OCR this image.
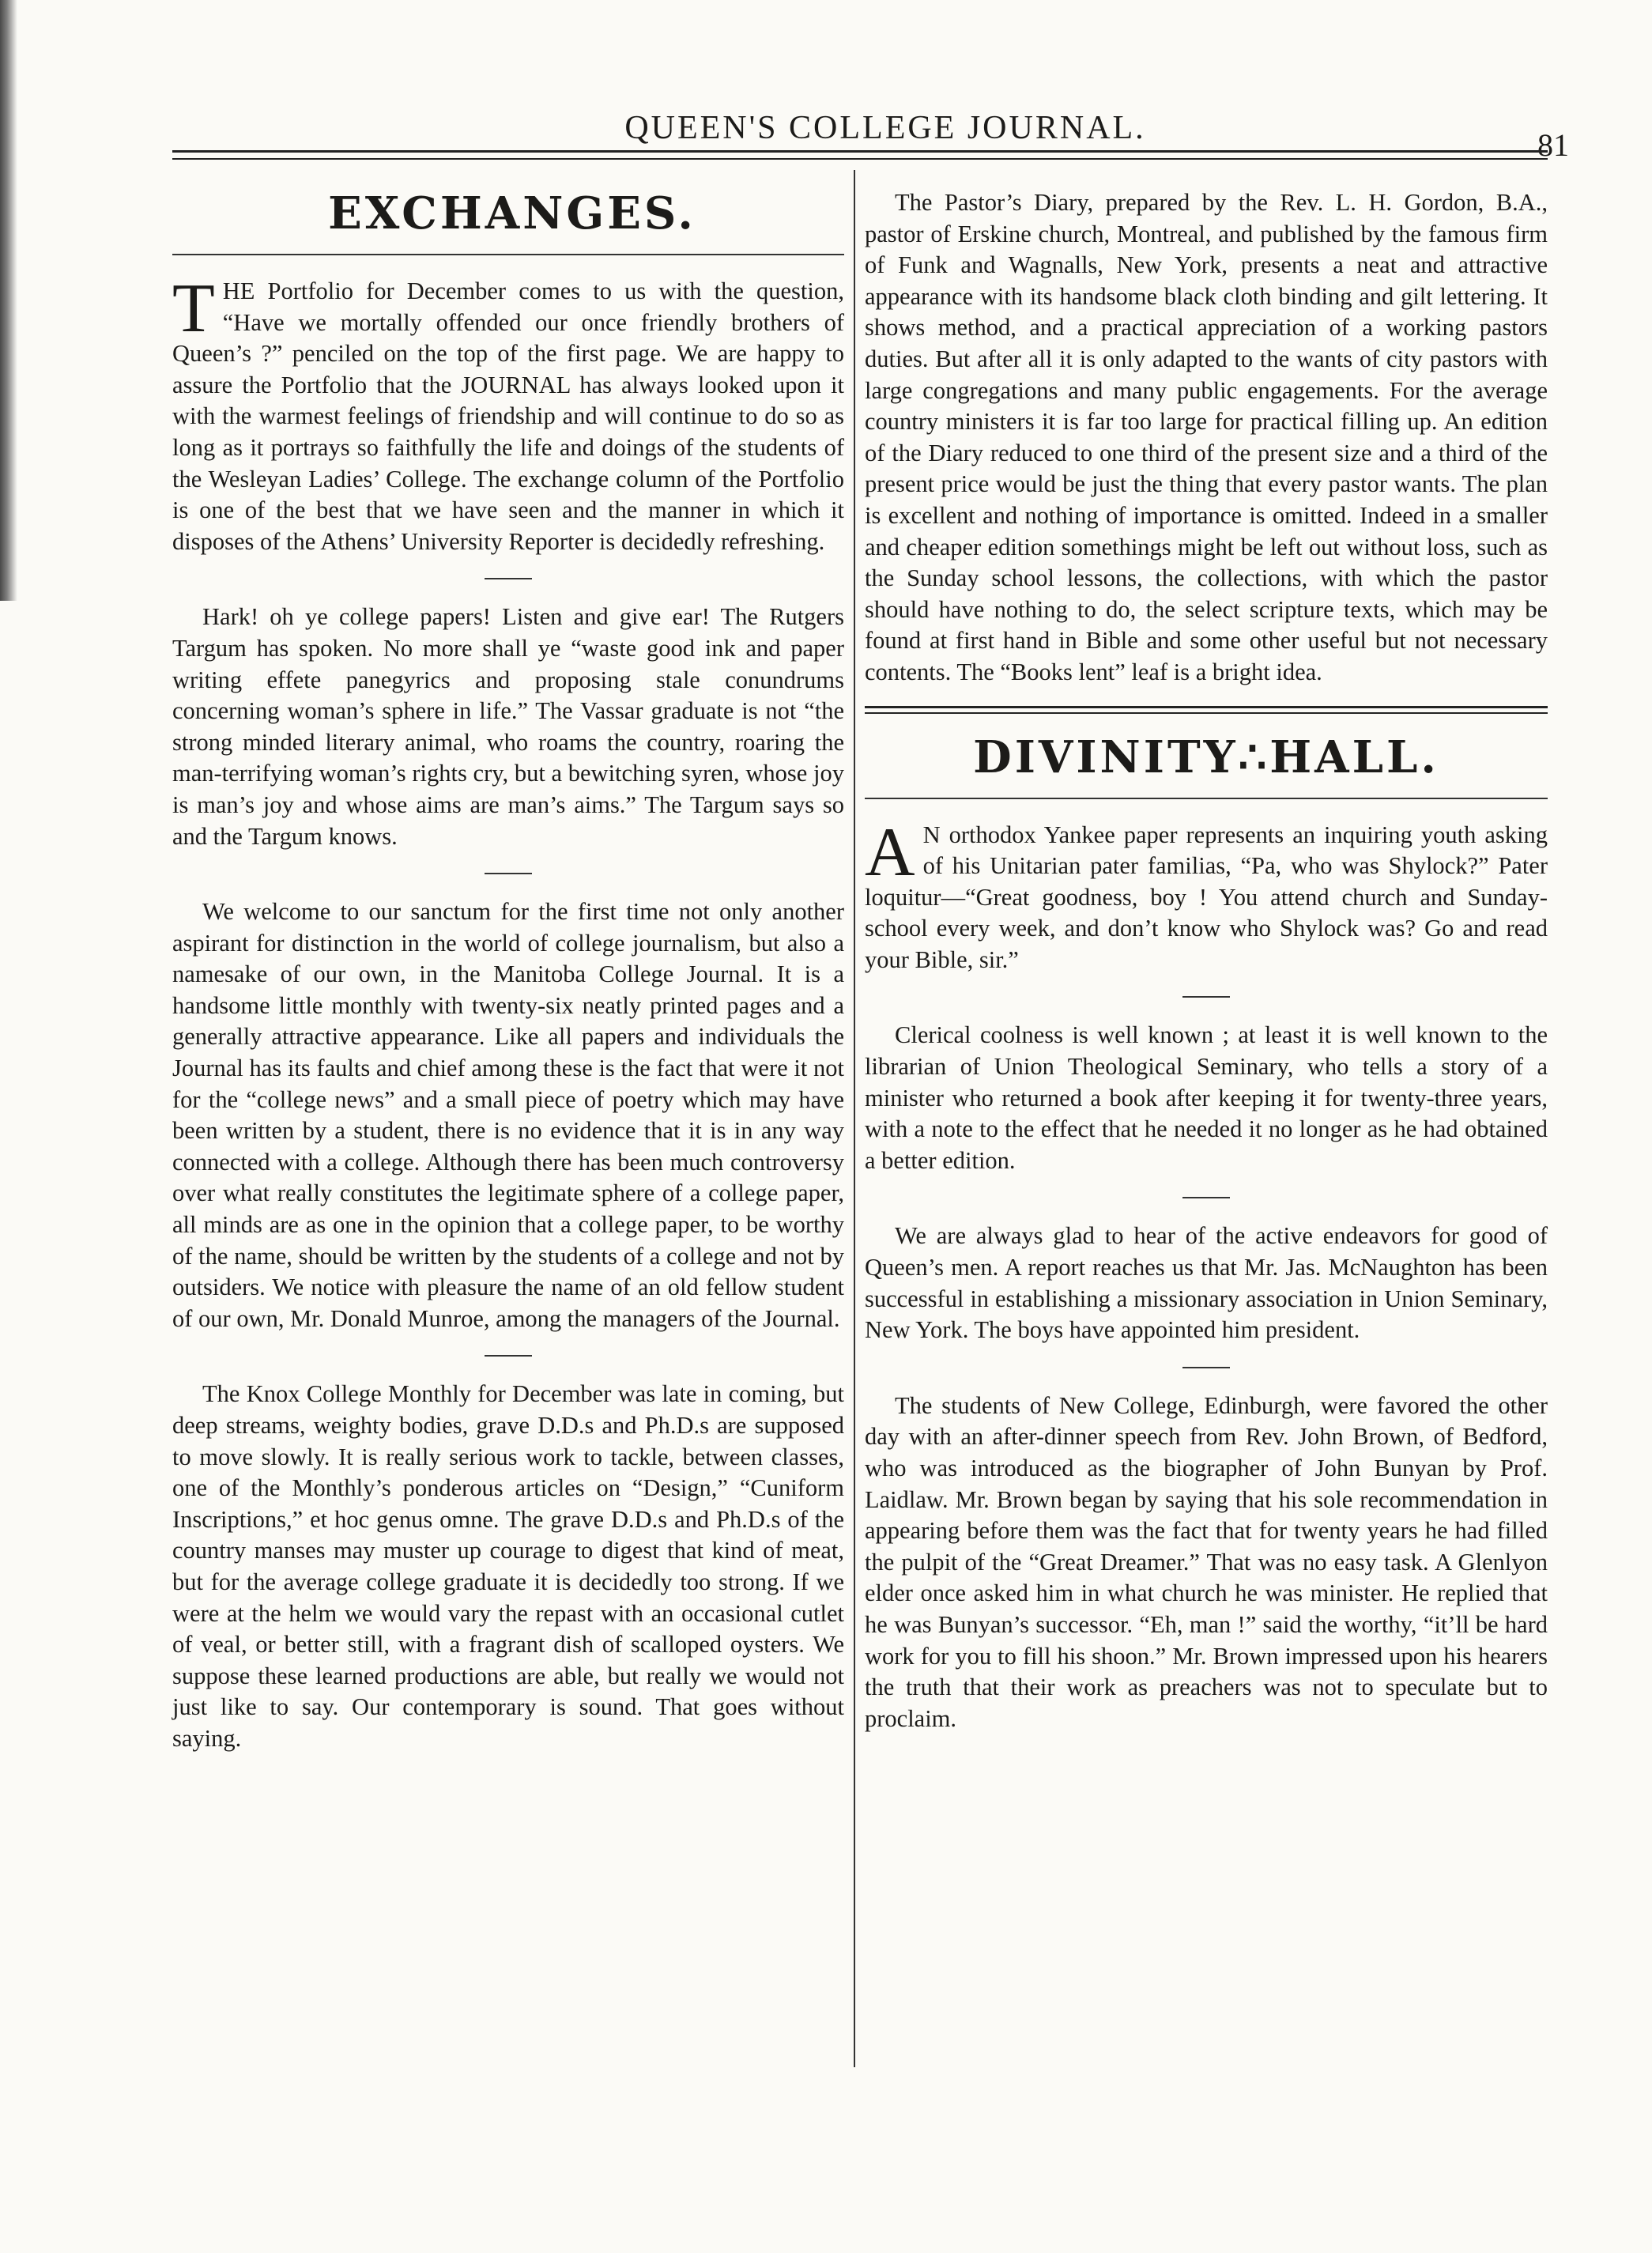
QUEEN'S COLLEGE JOURNAL.	81
EXCHANGES.

THE Portfolio for December comes to us with the question, “Have we mortally offended our once friendly brothers of Queen’s ?” penciled on the top of the first page. We are happy to assure the Portfolio that the JOURNAL has always looked upon it with the warmest feelings of friendship and will continue to do so as long as it portrays so faithfully the life and doings of the students of the Wesleyan Ladies’ College. The exchange column of the Portfolio is one of the best that we have seen and the manner in which it disposes of the Athens’ University Reporter is decidedly refreshing.

Hark! oh ye college papers! Listen and give ear! The Rutgers Targum has spoken. No more shall ye “waste good ink and paper writing effete panegyrics and proposing stale conundrums concerning woman’s sphere in life.” The Vassar graduate is not “the strong minded literary animal, who roams the country, roaring the man-terrifying woman’s rights cry, but a bewitching syren, whose joy is man’s joy and whose aims are man’s aims.” The Targum says so and the Targum knows.

We welcome to our sanctum for the first time not only another aspirant for distinction in the world of college journalism, but also a namesake of our own, in the Manitoba College Journal. It is a handsome little monthly with twenty-six neatly printed pages and a generally attractive appearance. Like all papers and individuals the Journal has its faults and chief among these is the fact that were it not for the “college news” and a small piece of poetry which may have been written by a student, there is no evidence that it is in any way connected with a college. Although there has been much controversy over what really constitutes the legitimate sphere of a college paper, all minds are as one in the opinion that a college paper, to be worthy of the name, should be written by the students of a college and not by outsiders. We notice with pleasure the name of an old fellow student of our own, Mr. Donald Munroe, among the managers of the Journal.

The Knox College Monthly for December was late in coming, but deep streams, weighty bodies, grave D.D.s and Ph.D.s are supposed to move slowly. It is really serious work to tackle, between classes, one of the Monthly’s ponderous articles on “Design,” “Cuniform Inscriptions,” et hoc genus omne. The grave D.D.s and Ph.D.s of the country manses may muster up courage to digest that kind of meat, but for the average college graduate it is decidedly too strong. If we were at the helm we would vary the repast with an occasional cutlet of veal, or better still, with a fragrant dish of scalloped oysters. We suppose these learned productions are able, but really we would not just like to say. Our contemporary is sound. That goes without saying.

The Pastor’s Diary, prepared by the Rev. L. H. Gordon, B.A., pastor of Erskine church, Montreal, and published by the famous firm of Funk and Wagnalls, New York, presents a neat and attractive appearance with its handsome black cloth binding and gilt lettering. It shows method, and a practical appreciation of a working pastors duties. But after all it is only adapted to the wants of city pastors with large congregations and many public engagements. For the average country ministers it is far too large for practical filling up. An edition of the Diary reduced to one third of the present size and a third of the present price would be just the thing that every pastor wants. The plan is excellent and nothing of importance is omitted. Indeed in a smaller and cheaper edition somethings might be left out without loss, such as the Sunday school lessons, the collections, with which the pastor should have nothing to do, the select scripture texts, which may be found at first hand in Bible and some other useful but not necessary contents. The “Books lent” leaf is a bright idea.

DIVINITY∴HALL.

A N orthodox Yankee paper represents an inquiring youth asking of his Unitarian pater familias, “Pa, who was Shylock?” Pater loquitur—“Great goodness, boy ! You attend church and Sunday-school every week, and don’t know who Shylock was? Go and read your Bible, sir.”

Clerical coolness is well known ; at least it is well known to the librarian of Union Theological Seminary, who tells a story of a minister who returned a book after keeping it for twenty-three years, with a note to the effect that he needed it no longer as he had obtained a better edition.

We are always glad to hear of the active endeavors for good of Queen’s men. A report reaches us that Mr. Jas. McNaughton has been successful in establishing a missionary association in Union Seminary, New York. The boys have appointed him president.

The students of New College, Edinburgh, were favored the other day with an after-dinner speech from Rev. John Brown, of Bedford, who was introduced as the biographer of John Bunyan by Prof. Laidlaw. Mr. Brown began by saying that his sole recommendation in appearing before them was the fact that for twenty years he had filled the pulpit of the “Great Dreamer.” That was no easy task. A Glenlyon elder once asked him in what church he was minister. He replied that he was Bunyan’s successor. “Eh, man !” said the worthy, “it’ll be hard work for you to fill his shoon.” Mr. Brown impressed upon his hearers the truth that their work as preachers was not to speculate but to proclaim.
